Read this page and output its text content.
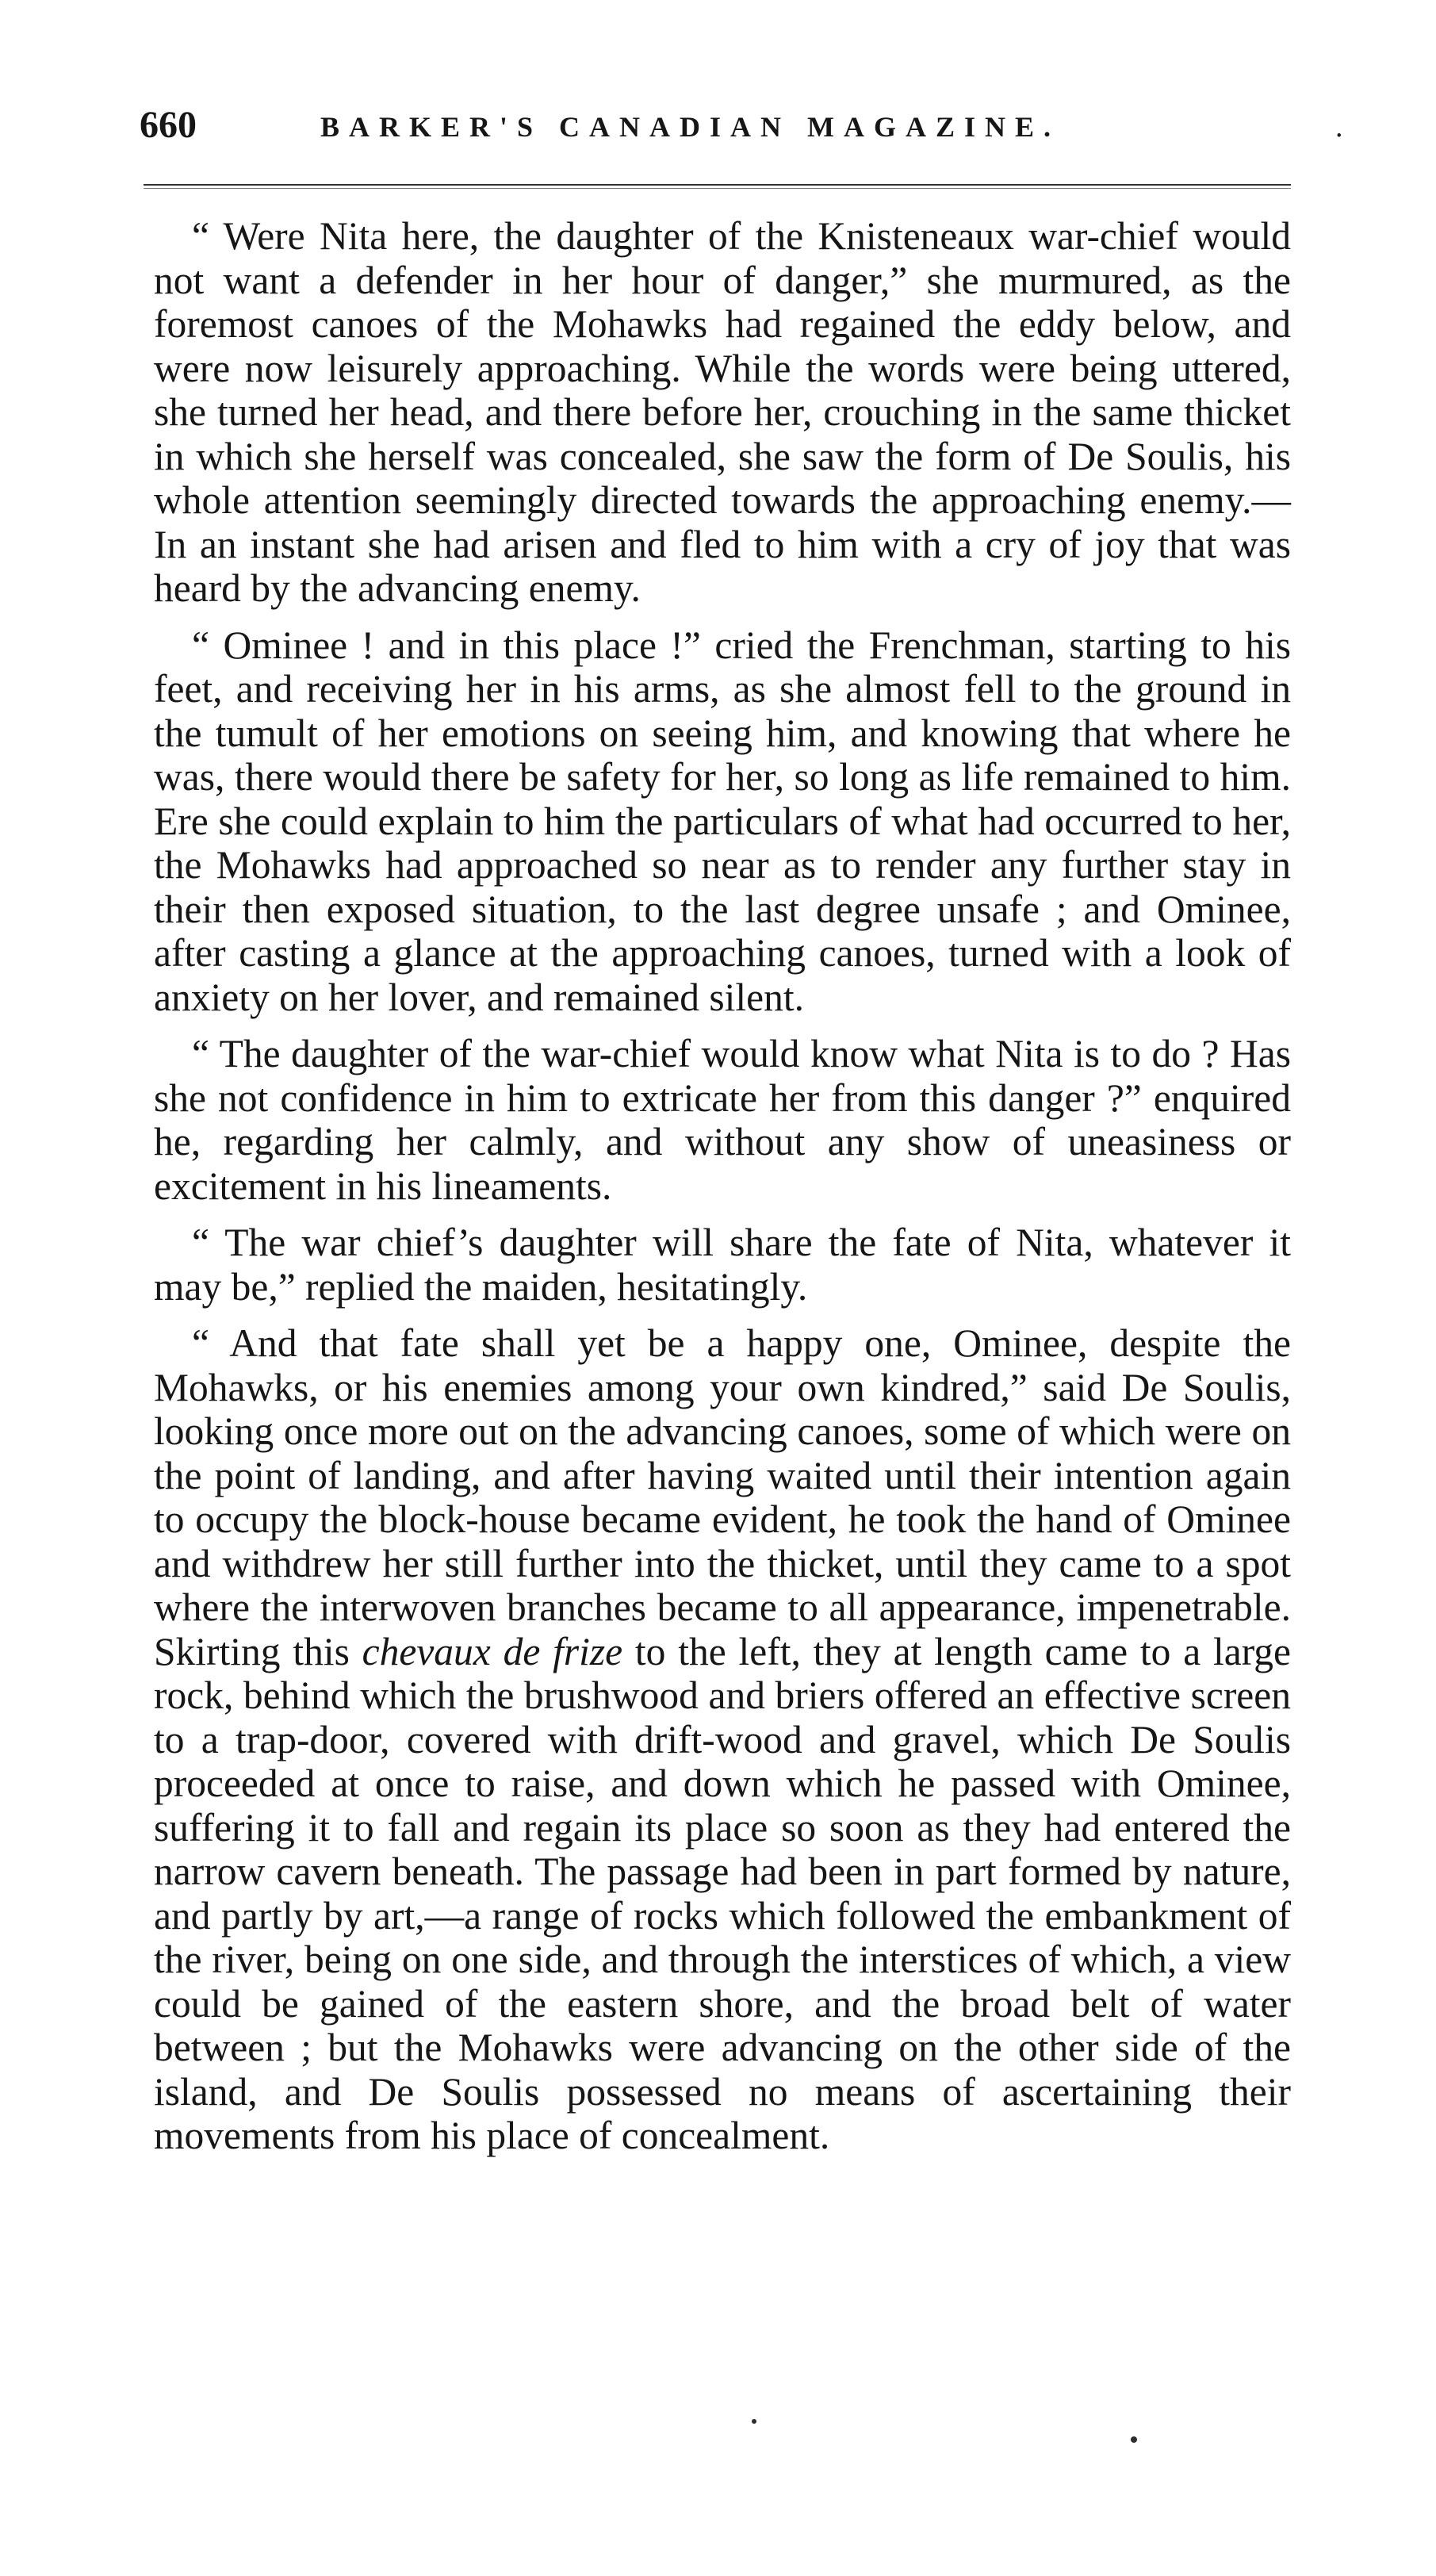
660	BARKER'S CANADIAN MAGAZINE.	.

“ Were Nita here, the daughter of the Knisteneaux war-chief would not want a defender in her hour of danger,” she murmured, as the foremost canoes of the Mohawks had regained the eddy below, and were now leisurely approaching. While the words were being uttered, she turned her head, and there before her, crouching in the same thicket in which she herself was concealed, she saw the form of De Soulis, his whole attention seemingly directed towards the approaching enemy.— In an instant she had arisen and fled to him with a cry of joy that was heard by the advancing enemy.

“ Ominee ! and in this place !” cried the Frenchman, starting to his feet, and receiving her in his arms, as she almost fell to the ground in the tumult of her emotions on seeing him, and knowing that where he was, there would there be safety for her, so long as life remained to him. Ere she could explain to him the particulars of what had occurred to her, the Mohawks had approached so near as to render any further stay in their then exposed situation, to the last degree unsafe ; and Ominee, after casting a glance at the approaching canoes, turned with a look of anxiety on her lover, and remained silent.

“ The daughter of the war-chief would know what Nita is to do ? Has she not confidence in him to extricate her from this danger ?” enquired he, regarding her calmly, and without any show of uneasiness or excitement in his lineaments.

“ The war chief’s daughter will share the fate of Nita, whatever it may be,” replied the maiden, hesitatingly.

“ And that fate shall yet be a happy one, Ominee, despite the Mohawks, or his enemies among your own kindred,” said De Soulis, looking once more out on the advancing canoes, some of which were on the point of landing, and after having waited until their intention again to occupy the block-house became evident, he took the hand of Ominee and withdrew her still further into the thicket, until they came to a spot where the interwoven branches became to all appearance, impenetrable. Skirting this chevaux de frize to the left, they at length came to a large rock, behind which the brushwood and briers offered an effective screen to a trap-door, covered with drift-wood and gravel, which De Soulis proceeded at once to raise, and down which he passed with Ominee, suffering it to fall and regain its place so soon as they had entered the narrow cavern beneath. The passage had been in part formed by nature, and partly by art,—a range of rocks which followed the embankment of the river, being on one side, and through the interstices of which, a view could be gained of the eastern shore, and the broad belt of water between ; but the Mohawks were advancing on the other side of the island, and De Soulis possessed no means of ascertaining their movements from his place of concealment.
